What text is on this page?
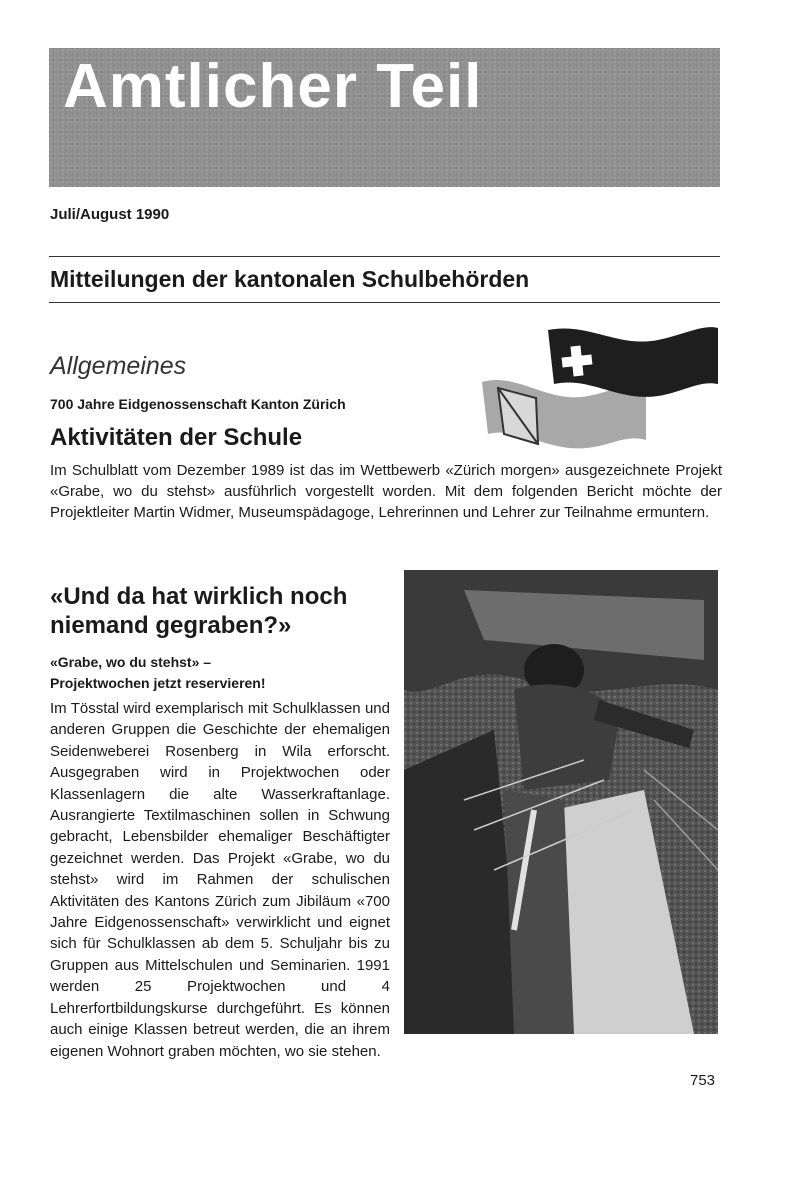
Amtlicher Teil
Juli/August 1990
Mitteilungen der kantonalen Schulbehörden
Allgemeines
700 Jahre Eidgenossenschaft Kanton Zürich
Aktivitäten der Schule

Im Schulblatt vom Dezember 1989 ist das im Wettbewerb «Zürich morgen» ausgezeichnete Projekt «Grabe, wo du stehst» ausführlich vorgestellt worden. Mit dem folgenden Bericht möchte der Projektleiter Martin Widmer, Museumspädagoge, Lehrerinnen und Lehrer zur Teilnahme ermuntern.

«Und da hat wirklich noch niemand gegraben?»
«Grabe, wo du stehst» –
Projektwochen jetzt reservieren!

Im Tösstal wird exemplarisch mit Schulklassen und anderen Gruppen die Geschichte der ehemaligen Seidenweberei Rosenberg in Wila erforscht. Ausgegraben wird in Projektwochen oder Klassenlagern die alte Wasserkraftanlage. Ausrangierte Textilmaschinen sollen in Schwung gebracht, Lebensbilder ehemaliger Beschäftigter gezeichnet werden. Das Projekt «Grabe, wo du stehst» wird im Rahmen der schulischen Aktivitäten des Kantons Zürich zum Jibiläum «700 Jahre Eidgenossenschaft» verwirklicht und eignet sich für Schulklassen ab dem 5. Schuljahr bis zu Gruppen aus Mittelschulen und Seminarien. 1991 werden 25 Projektwochen und 4 Lehrerfortbildungskurse durchgeführt. Es können auch einige Klassen betreut werden, die an ihrem eigenen Wohnort graben möchten, wo sie stehen.

753
